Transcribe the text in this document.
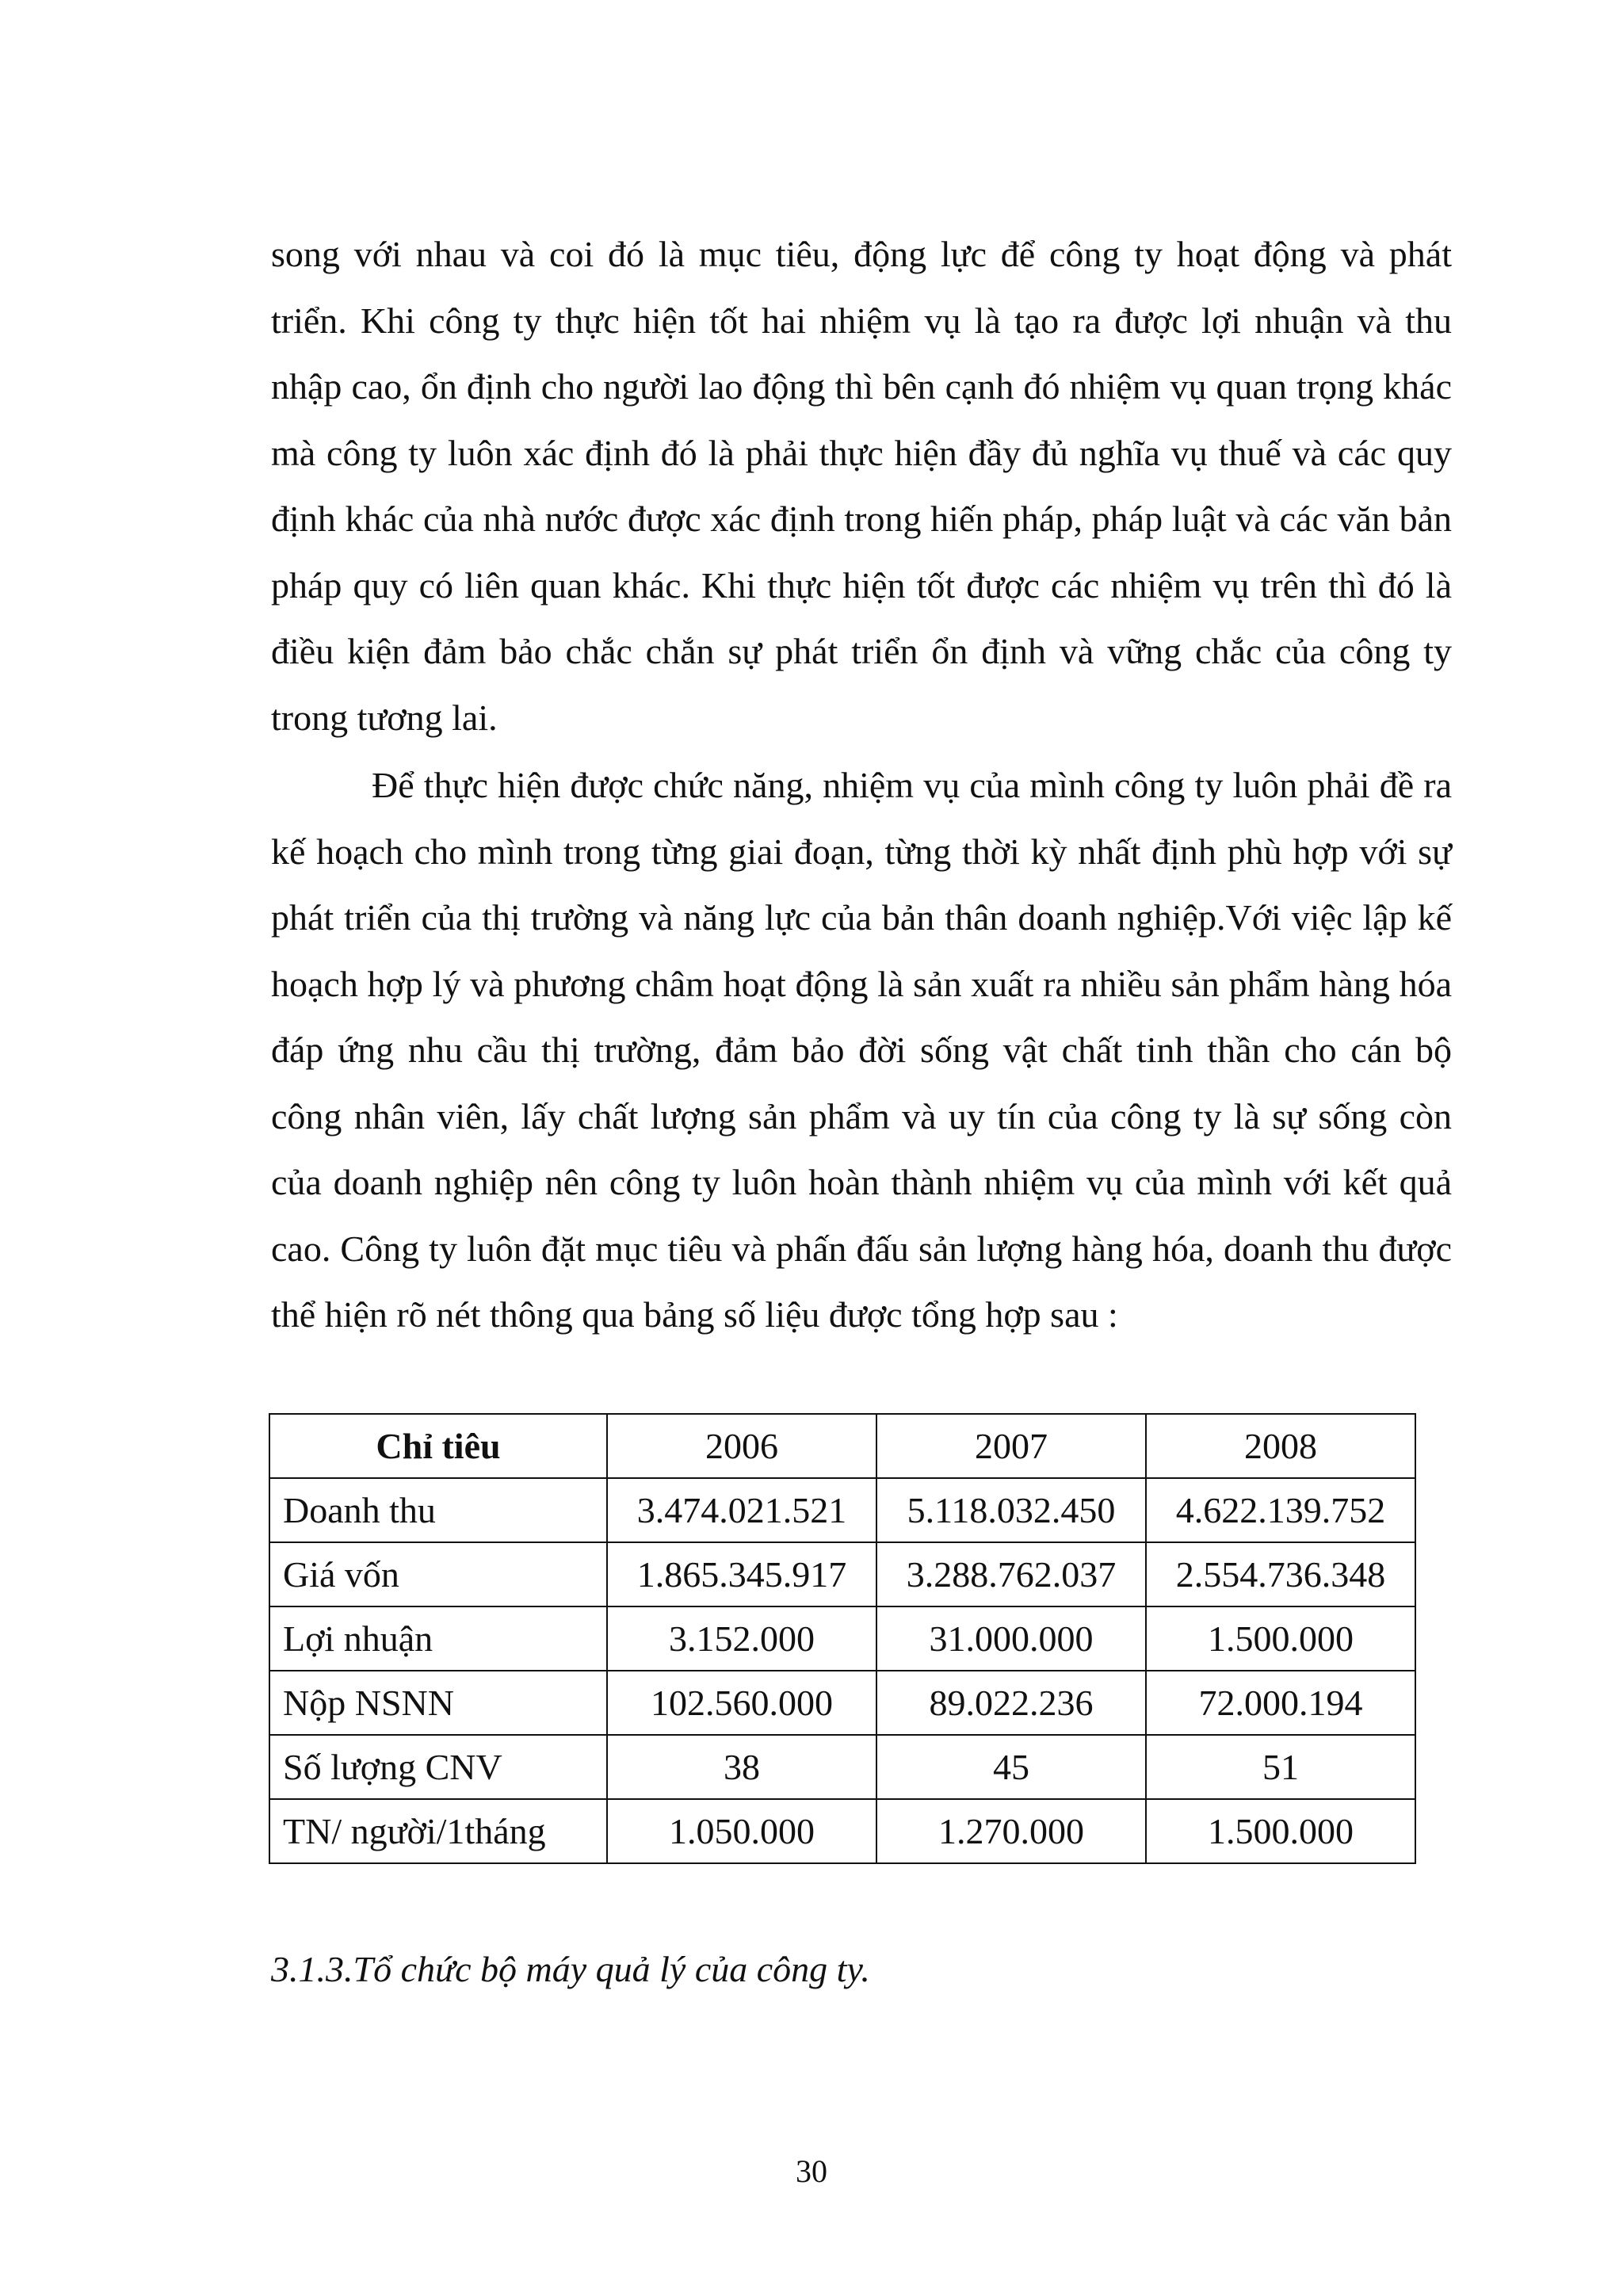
song với nhau và coi đó là mục tiêu, động lực để công ty hoạt động và phát triển. Khi công ty thực hiện tốt hai nhiệm vụ là tạo ra được lợi nhuận và thu nhập cao, ổn định cho người lao động thì bên cạnh đó nhiệm vụ quan trọng khác mà công ty luôn xác định đó là phải thực hiện đầy đủ nghĩa vụ thuế và các quy định khác của nhà nước được xác định trong hiến pháp, pháp luật và các văn bản pháp quy có liên quan khác. Khi thực hiện tốt được các nhiệm vụ trên thì đó là điều kiện đảm bảo chắc chắn sự phát triển ổn định và vững chắc của công ty trong tương lai.

Để thực hiện được chức năng, nhiệm vụ của mình công ty luôn phải đề ra kế hoạch cho mình trong từng giai đoạn, từng thời kỳ nhất định phù hợp với sự phát triển của thị trường và năng lực của bản thân doanh nghiệp.Với việc lập kế hoạch hợp lý và phương châm hoạt động là sản xuất ra nhiều sản phẩm hàng hóa đáp ứng nhu cầu thị trường, đảm bảo đời sống vật chất tinh thần cho cán bộ công nhân viên, lấy chất lượng sản phẩm và uy tín của công ty là sự sống còn của doanh nghiệp nên công ty luôn hoàn thành nhiệm vụ của mình với kết quả cao. Công ty luôn đặt mục tiêu và phấn đấu sản lượng hàng hóa, doanh thu được thể hiện rõ nét thông qua bảng số liệu được tổng hợp sau :

Chỉ tiêu	2006	2007	2008
Doanh thu	3.474.021.521	5.118.032.450	4.622.139.752
Giá vốn	1.865.345.917	3.288.762.037	2.554.736.348
Lợi nhuận	3.152.000	31.000.000	1.500.000
Nộp NSNN	102.560.000	89.022.236	72.000.194
Số lượng CNV	38	45	51
TN/ người/1tháng	1.050.000	1.270.000	1.500.000

3.1.3.Tổ chức bộ máy quả lý của công ty.

30
